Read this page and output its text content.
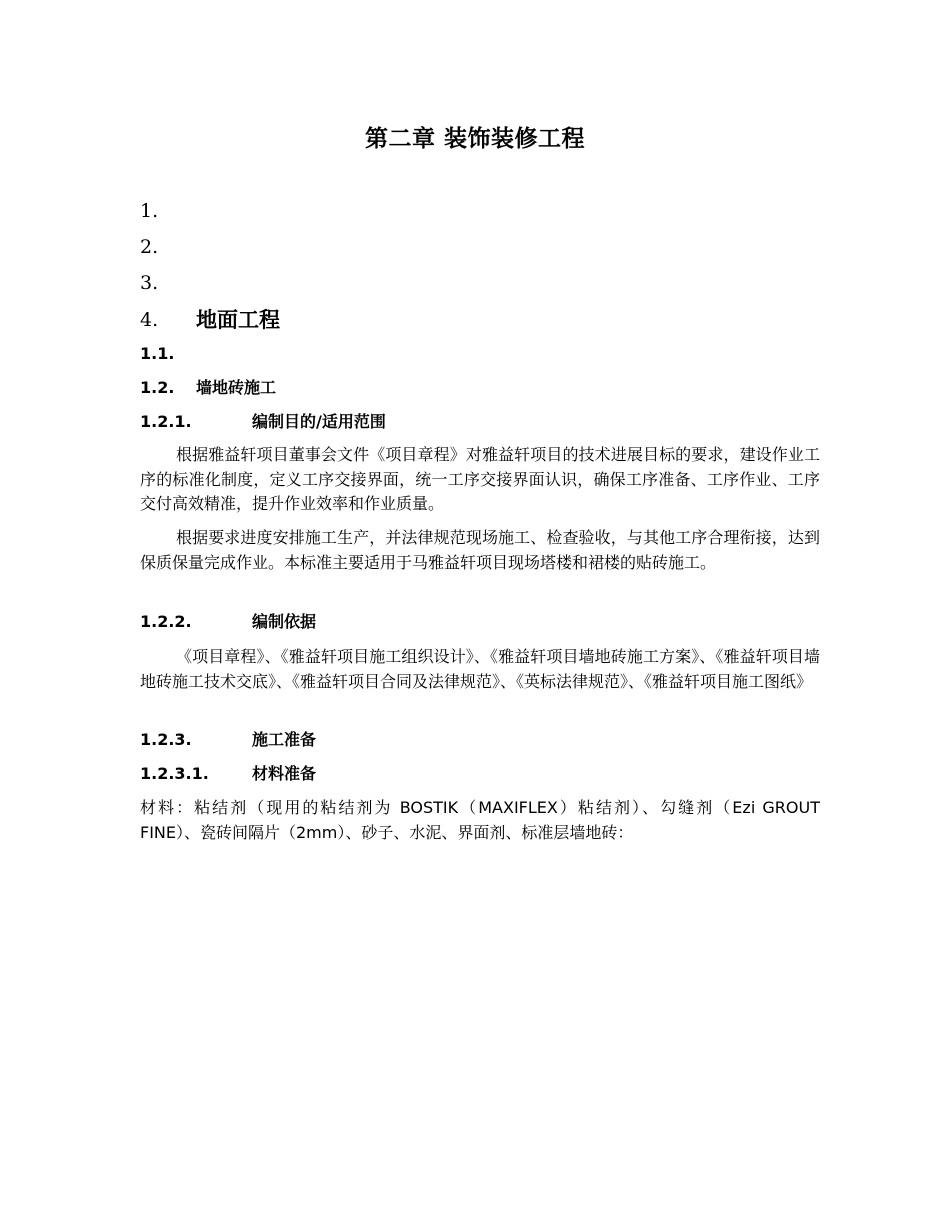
第二章 装饰装修工程
1.
2.
3.
4.	地面工程
1.1.
1.2.	墙地砖施工
1.2.1.	编制目的/适用范围
根据雅益轩项目董事会文件《项目章程》对雅益轩项目的技术进展目标的要求，建设作业工序的标准化制度，定义工序交接界面，统一工序交接界面认识，确保工序准备、工序作业、工序交付高效精准，提升作业效率和作业质量。
根据要求进度安排施工生产，并法律规范现场施工、检查验收，与其他工序合理衔接，达到保质保量完成作业。本标准主要适用于马雅益轩项目现场塔楼和裙楼的贴砖施工。
1.2.2.	编制依据
《项目章程》、《雅益轩项目施工组织设计》、《雅益轩项目墙地砖施工方案》、《雅益轩项目墙地砖施工技术交底》、《雅益轩项目合同及法律规范》、《英标法律规范》、《雅益轩项目施工图纸》
1.2.3.	施工准备
1.2.3.1.	材料准备
材料：粘结剂（现用的粘结剂为 BOSTIK（MAXIFLEX）粘结剂）、勾缝剂（Ezi GROUT FINE）、瓷砖间隔片（2mm）、砂子、水泥、界面剂、标准层墙地砖：
